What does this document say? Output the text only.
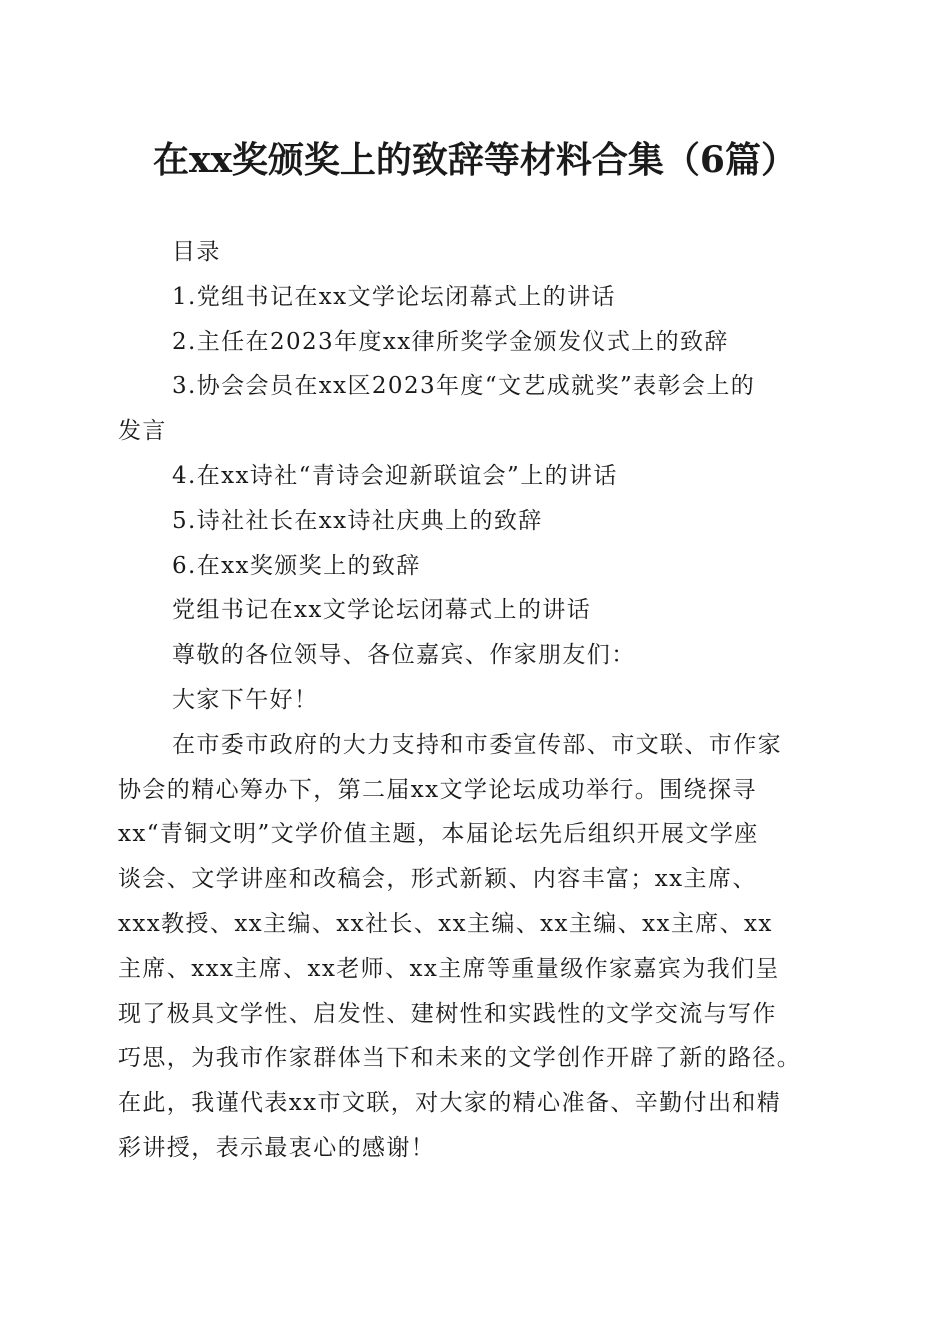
在xx奖颁奖上的致辞等材料合集（6篇）
目录
1.党组书记在xx文学论坛闭幕式上的讲话
2.主任在2023年度xx律所奖学金颁发仪式上的致辞
3.协会会员在xx区2023年度“文艺成就奖”表彰会上的
发言
4.在xx诗社“青诗会迎新联谊会”上的讲话
5.诗社社长在xx诗社庆典上的致辞
6.在xx奖颁奖上的致辞
党组书记在xx文学论坛闭幕式上的讲话
尊敬的各位领导、各位嘉宾、作家朋友们：
大家下午好！
在市委市政府的大力支持和市委宣传部、市文联、市作家
协会的精心筹办下，第二届xx文学论坛成功举行。围绕探寻
xx“青铜文明”文学价值主题，本届论坛先后组织开展文学座
谈会、文学讲座和改稿会，形式新颖、内容丰富；xx主席、
xxx教授、xx主编、xx社长、xx主编、xx主编、xx主席、xx
主席、xxx主席、xx老师、xx主席等重量级作家嘉宾为我们呈
现了极具文学性、启发性、建树性和实践性的文学交流与写作
巧思，为我市作家群体当下和未来的文学创作开辟了新的路径。
在此，我谨代表xx市文联，对大家的精心准备、辛勤付出和精
彩讲授，表示最衷心的感谢！
